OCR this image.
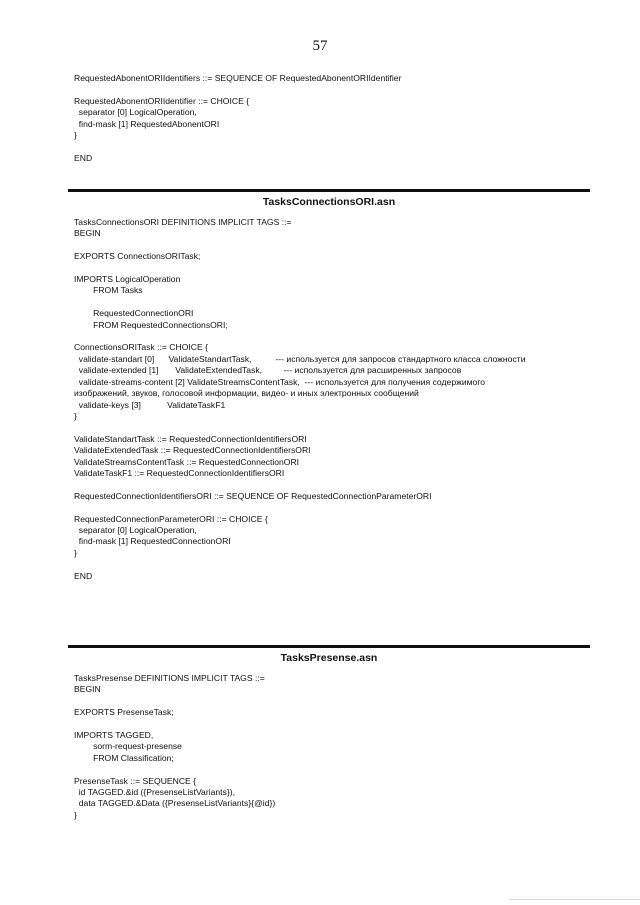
57
RequestedAbonentORIIdentifiers ::= SEQUENCE OF RequestedAbonentORIIdentifier

RequestedAbonentORIIdentifier ::= CHOICE {
separator [0] LogicalOperation,
find-mask [1] RequestedAbonentORI
}

END
TasksConnectionsORI.asn
TasksConnectionsORI DEFINITIONS IMPLICIT TAGS ::=
BEGIN

EXPORTS ConnectionsORITask;

IMPORTS LogicalOperation
FROM Tasks

RequestedConnectionORI
FROM RequestedConnectionsORI;

ConnectionsORITask ::= CHOICE {
validate-standart [0]      ValidateStandartTask,          --- используется для запросов стандартного класса сложности
validate-extended [1]       ValidateExtendedTask,         --- используется для расширенных запросов
validate-streams-content [2] ValidateStreamsContentTask,  --- используется для получения содержимого
изображений, звуков, голосовой информации, видео- и иных электронных сообщений
validate-keys [3]           ValidateTaskF1
}

ValidateStandartTask ::= RequestedConnectionIdentifiersORI
ValidateExtendedTask ::= RequestedConnectionIdentifiersORI
ValidateStreamsContentTask ::= RequestedConnectionORI
ValidateTaskF1 ::= RequestedConnectionIdentifiersORI

RequestedConnectionIdentifiersORI ::= SEQUENCE OF RequestedConnectionParameterORI

RequestedConnectionParameterORI ::= CHOICE {
separator [0] LogicalOperation,
find-mask [1] RequestedConnectionORI
}

END
TasksPresense.asn
TasksPresense DEFINITIONS IMPLICIT TAGS ::=
BEGIN

EXPORTS PresenseTask;

IMPORTS TAGGED,
sorm-request-presense
FROM Classification;

PresenseTask ::= SEQUENCE {
id TAGGED.&id ({PresenseListVariants}),
data TAGGED.&Data ({PresenseListVariants}{@id})
}
